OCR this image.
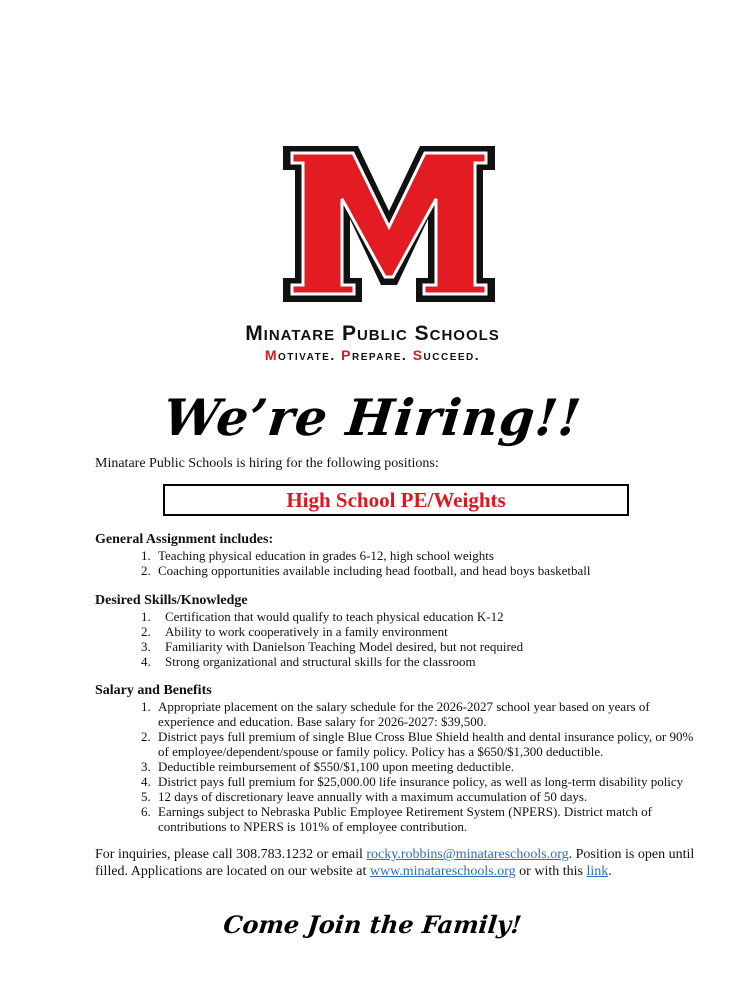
Minatare Public Schools
Motivate. Prepare. Succeed.
We’re Hiring!!
Minatare Public Schools is hiring for the following positions:
High School PE/Weights
General Assignment includes:
1. Teaching physical education in grades 6-12, high school weights
2. Coaching opportunities available including head football, and head boys basketball
Desired Skills/Knowledge
1. Certification that would qualify to teach physical education K-12
2. Ability to work cooperatively in a family environment
3. Familiarity with Danielson Teaching Model desired, but not required
4. Strong organizational and structural skills for the classroom
Salary and Benefits
1. Appropriate placement on the salary schedule for the 2026-2027 school year based on years of experience and education. Base salary for 2026-2027: $39,500.
2. District pays full premium of single Blue Cross Blue Shield health and dental insurance policy, or 90% of employee/dependent/spouse or family policy. Policy has a $650/$1,300 deductible.
3. Deductible reimbursement of $550/$1,100 upon meeting deductible.
4. District pays full premium for $25,000.00 life insurance policy, as well as long-term disability policy
5. 12 days of discretionary leave annually with a maximum accumulation of 50 days.
6. Earnings subject to Nebraska Public Employee Retirement System (NPERS). District match of contributions to NPERS is 101% of employee contribution.
For inquiries, please call 308.783.1232 or email rocky.robbins@minatareschools.org. Position is open until filled. Applications are located on our website at www.minatareschools.org or with this link.
Come Join the Family!
